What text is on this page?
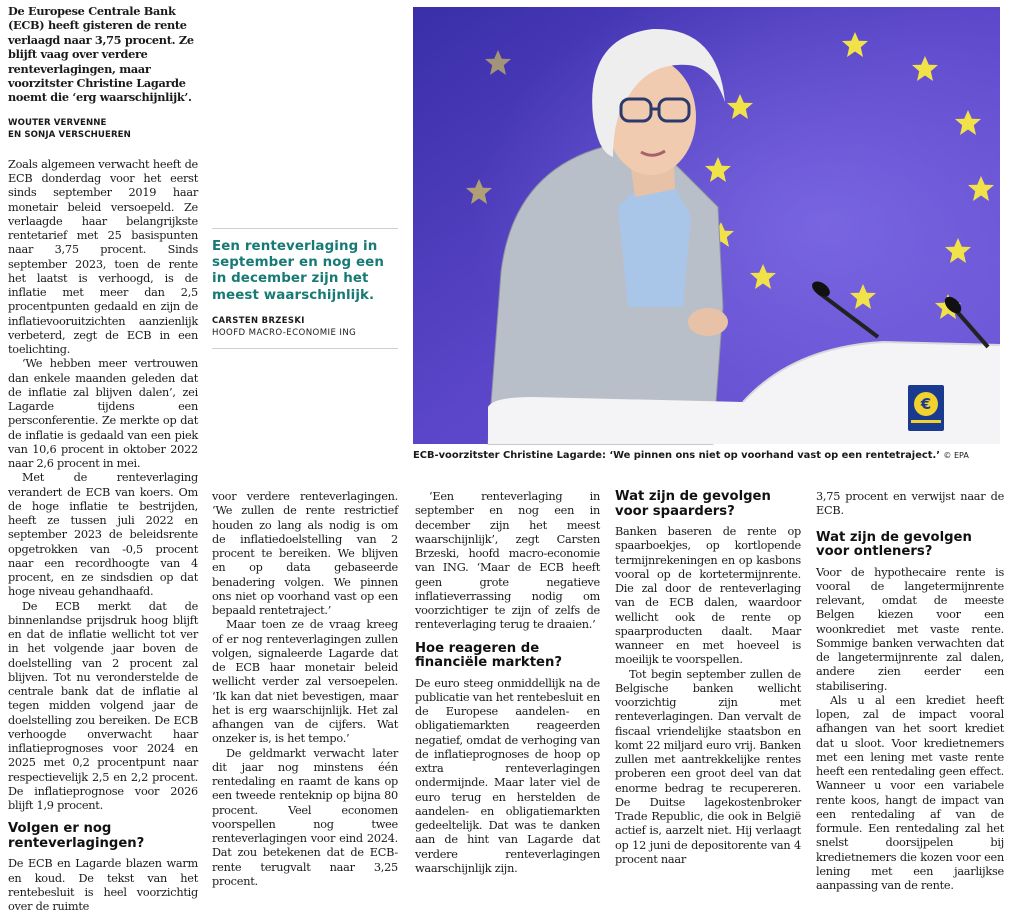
De Europese Centrale Bank (ECB) heeft gisteren de rente verlaagd naar 3,75 procent. Ze blijft vaag over verdere renteverlagingen, maar voorzitster Christine Lagarde noemt die ‘erg waarschijnlijk’.

WOUTER VERVENNE
EN SONJA VERSCHUEREN

Zoals algemeen verwacht heeft de ECB donderdag voor het eerst sinds september 2019 haar monetair beleid versoepeld. Ze verlaagde haar belangrijkste rentetarief met 25 basispunten naar 3,75 procent. Sinds september 2023, toen de rente het laatst is verhoogd, is de inflatie met meer dan 2,5 procentpunten gedaald en zijn de inflatievooruitzichten aanzienlijk verbeterd, zegt de ECB in een toelichting.

‘We hebben meer vertrouwen dan enkele maanden geleden dat de inflatie zal blijven dalen’, zei Lagarde tijdens een persconferentie. Ze merkte op dat de inflatie is gedaald van een piek van 10,6 procent in oktober 2022 naar 2,6 procent in mei.

Met de renteverlaging verandert de ECB van koers. Om de hoge inflatie te bestrijden, heeft ze tussen juli 2022 en september 2023 de beleidsrente opgetrokken van -0,5 procent naar een recordhoogte van 4 procent, en ze sindsdien op dat hoge niveau gehandhaafd.

De ECB merkt dat de binnenlandse prijsdruk hoog blijft en dat de inflatie wellicht tot ver in het volgende jaar boven de doelstelling van 2 procent zal blijven. Tot nu veronderstelde de centrale bank dat de inflatie al tegen midden volgend jaar de doelstelling zou bereiken. De ECB verhoogde onverwacht haar inflatieprognoses voor 2024 en 2025 met 0,2 procentpunt naar respectievelijk 2,5 en 2,2 procent. De inflatieprognose voor 2026 blijft 1,9 procent.

Volgen er nog renteverlagingen?

De ECB en Lagarde blazen warm en koud. De tekst van het rentebesluit is heel voorzichtig over de ruimte

Een renteverlaging in september en nog een in december zijn het meest waarschijnlijk.
CARSTEN BRZESKI
HOOFD MACRO-ECONOMIE ING
€
ECB-voorzitster Christine Lagarde: ‘We pinnen ons niet op voorhand vast op een rentetraject.’ © EPA

voor verdere renteverlagingen. ‘We zullen de rente restrictief houden zo lang als nodig is om de inflatiedoelstelling van 2 procent te bereiken. We blijven en op data gebaseerde benadering volgen. We pinnen ons niet op voorhand vast op een bepaald rentetraject.’

Maar toen ze de vraag kreeg of er nog renteverlagingen zullen volgen, signaleerde Lagarde dat de ECB haar monetair beleid wellicht verder zal versoepelen. ‘Ik kan dat niet bevestigen, maar het is erg waarschijnlijk. Het zal afhangen van de cijfers. Wat onzeker is, is het tempo.’

De geldmarkt verwacht later dit jaar nog minstens één rentedaling en raamt de kans op een tweede renteknip op bijna 80 procent. Veel economen voorspellen nog twee renteverlagingen voor eind 2024. Dat zou betekenen dat de ECB-rente terugvalt naar 3,25 procent.

‘Een renteverlaging in september en nog een in december zijn het meest waarschijnlijk’, zegt Carsten Brzeski, hoofd macro-economie van ING. ‘Maar de ECB heeft geen grote negatieve inflatieverrassing nodig om voorzichtiger te zijn of zelfs de renteverlaging terug te draaien.’

Hoe reageren de financiële markten?

De euro steeg onmiddellijk na de publicatie van het rentebesluit en de Europese aandelen- en obligatiemarkten reageerden negatief, omdat de verhoging van de inflatieprognoses de hoop op extra renteverlagingen ondermijnde. Maar later viel de euro terug en herstelden de aandelen- en obligatiemarkten gedeeltelijk. Dat was te danken aan de hint van Lagarde dat verdere renteverlagingen waarschijnlijk zijn.

Wat zijn de gevolgen voor spaarders?

Banken baseren de rente op spaarboekjes, op kortlopende termijnrekeningen en op kasbons vooral op de kortetermijnrente. Die zal door de renteverlaging van de ECB dalen, waardoor wellicht ook de rente op spaarproducten daalt. Maar wanneer en met hoeveel is moeilijk te voorspellen.

Tot begin september zullen de Belgische banken wellicht voorzichtig zijn met renteverlagingen. Dan vervalt de fiscaal vriendelijke staatsbon en komt 22 miljard euro vrij. Banken zullen met aantrekkelijke rentes proberen een groot deel van dat enorme bedrag te recupereren. De Duitse lagekostenbroker Trade Republic, die ook in België actief is, aarzelt niet. Hij verlaagt op 12 juni de depositorente van 4 procent naar

3,75 procent en verwijst naar de ECB.

Wat zijn de gevolgen voor ontleners?

Voor de hypothecaire rente is vooral de langetermijnrente relevant, omdat de meeste Belgen kiezen voor een woonkrediet met vaste rente. Sommige banken verwachten dat de langetermijnrente zal dalen, andere zien eerder een stabilisering.

Als u al een krediet heeft lopen, zal de impact vooral afhangen van het soort krediet dat u sloot. Voor kredietnemers met een lening met vaste rente heeft een rentedaling geen effect. Wanneer u voor een variabele rente koos, hangt de impact van een rentedaling af van de formule. Een rentedaling zal het snelst doorsijpelen bij kredietnemers die kozen voor een lening met een jaarlijkse aanpassing van de rente.
